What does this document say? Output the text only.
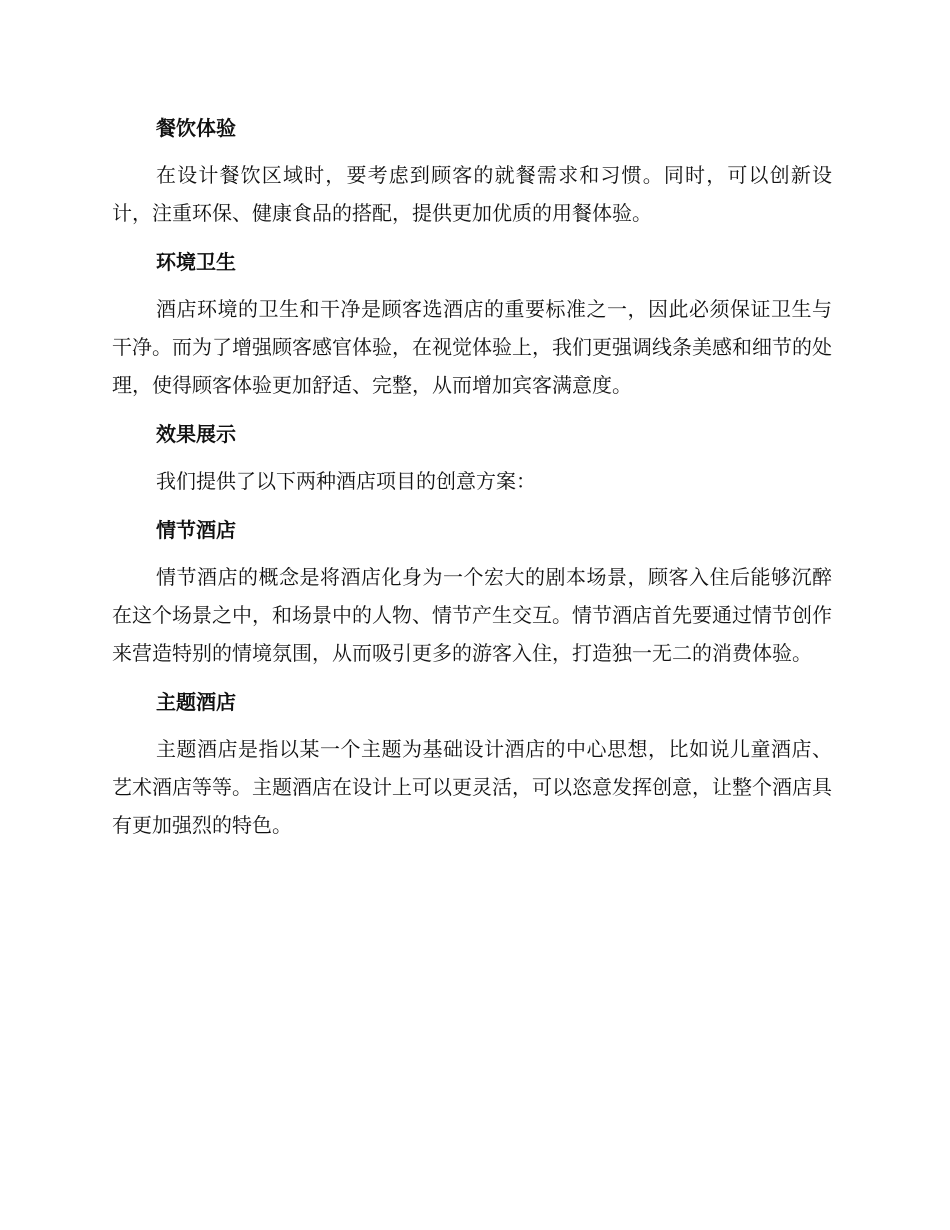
餐饮体验
在设计餐饮区域时，要考虑到顾客的就餐需求和习惯。同时，可以创新设计，注重环保、健康食品的搭配，提供更加优质的用餐体验。
环境卫生
酒店环境的卫生和干净是顾客选酒店的重要标准之一，因此必须保证卫生与干净。而为了增强顾客感官体验，在视觉体验上，我们更强调线条美感和细节的处理，使得顾客体验更加舒适、完整，从而增加宾客满意度。
效果展示
我们提供了以下两种酒店项目的创意方案：
情节酒店
情节酒店的概念是将酒店化身为一个宏大的剧本场景，顾客入住后能够沉醉在这个场景之中，和场景中的人物、情节产生交互。情节酒店首先要通过情节创作来营造特别的情境氛围，从而吸引更多的游客入住，打造独一无二的消费体验。
主题酒店
主题酒店是指以某一个主题为基础设计酒店的中心思想，比如说儿童酒店、艺术酒店等等。主题酒店在设计上可以更灵活，可以恣意发挥创意，让整个酒店具有更加强烈的特色。
